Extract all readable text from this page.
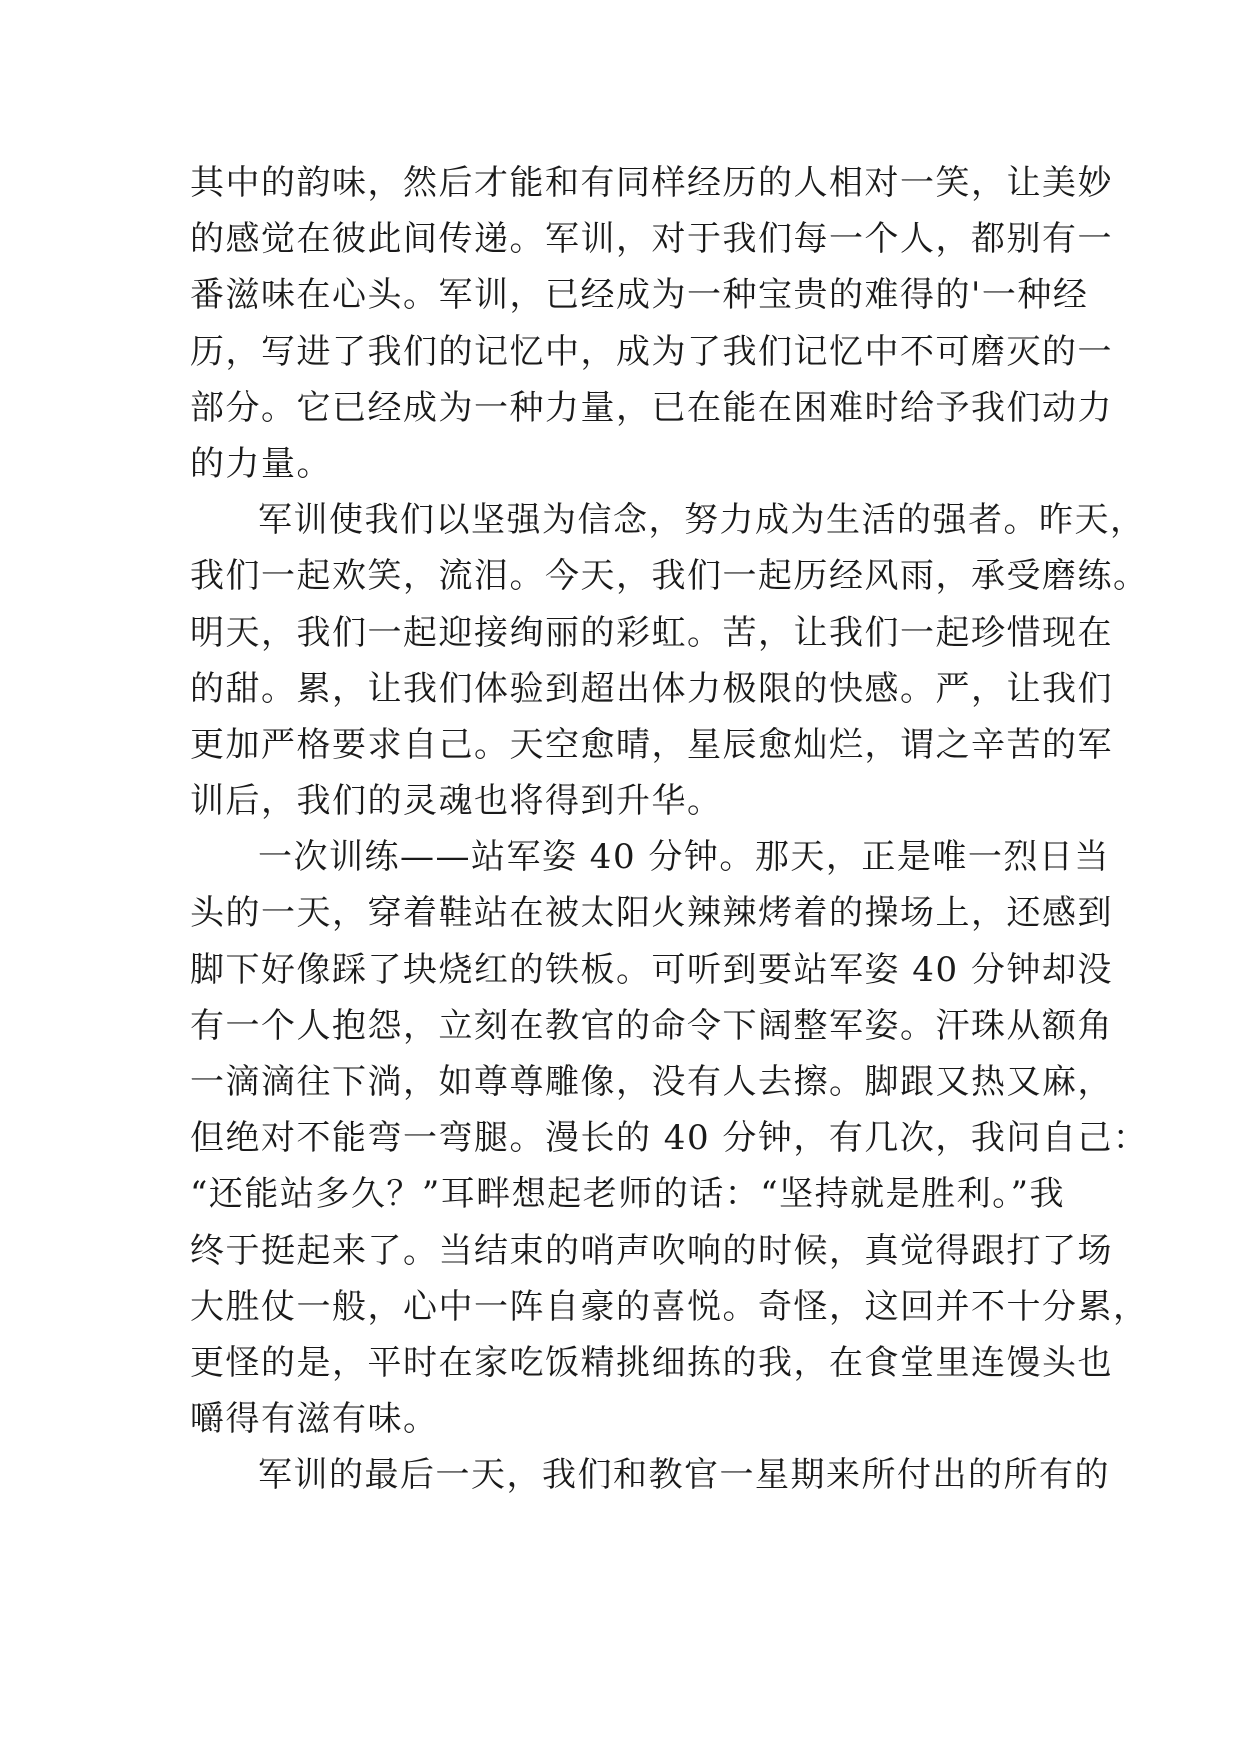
其中的韵味，然后才能和有同样经历的人相对一笑，让美妙
的感觉在彼此间传递。军训，对于我们每一个人，都别有一
番滋味在心头。军训，已经成为一种宝贵的难得的'一种经
历，写进了我们的记忆中，成为了我们记忆中不可磨灭的一
部分。它已经成为一种力量，已在能在困难时给予我们动力
的力量。
军训使我们以坚强为信念，努力成为生活的强者。昨天，
我们一起欢笑，流泪。今天，我们一起历经风雨，承受磨练。
明天，我们一起迎接绚丽的彩虹。苦，让我们一起珍惜现在
的甜。累，让我们体验到超出体力极限的快感。严，让我们
更加严格要求自己。天空愈晴，星辰愈灿烂，谓之辛苦的军
训后，我们的灵魂也将得到升华。
一次训练——站军姿 40 分钟。那天，正是唯一烈日当
头的一天，穿着鞋站在被太阳火辣辣烤着的操场上，还感到
脚下好像踩了块烧红的铁板。可听到要站军姿 40 分钟却没
有一个人抱怨，立刻在教官的命令下阔整军姿。汗珠从额角
一滴滴往下淌，如尊尊雕像，没有人去擦。脚跟又热又麻，
但绝对不能弯一弯腿。漫长的 40 分钟，有几次，我问自己：
“还能站多久？”耳畔想起老师的话：“坚持就是胜利。”我
终于挺起来了。当结束的哨声吹响的时候，真觉得跟打了场
大胜仗一般，心中一阵自豪的喜悦。奇怪，这回并不十分累，
更怪的是，平时在家吃饭精挑细拣的我，在食堂里连馒头也
嚼得有滋有味。
军训的最后一天，我们和教官一星期来所付出的所有的
